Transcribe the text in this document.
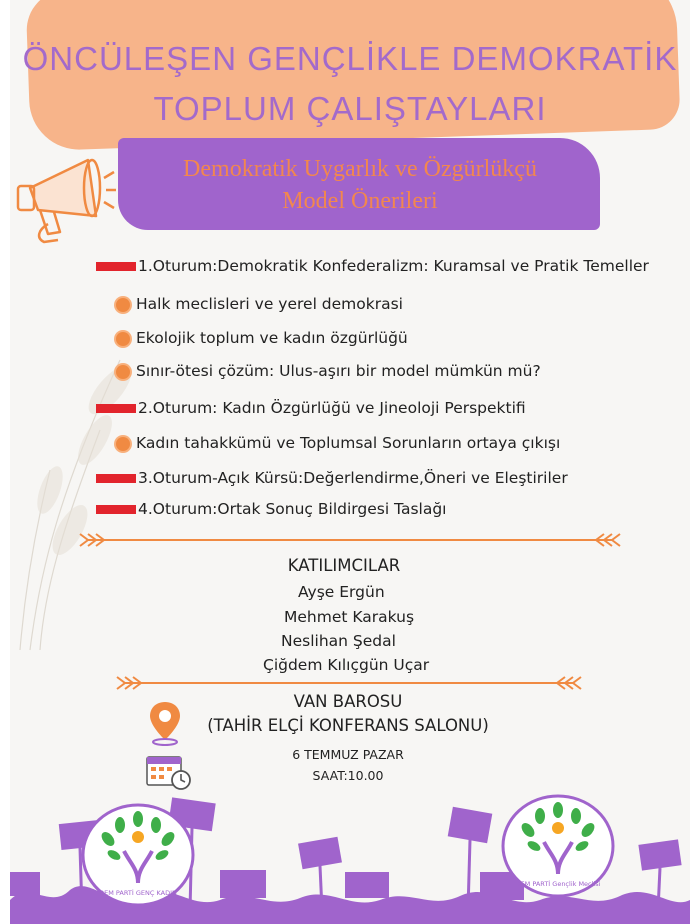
ÖNCÜLEŞEN GENÇLİKLE DEMOKRATİK
TOPLUM ÇALIŞTAYLARI
Demokratik Uygarlık ve Özgürlükçü
Model Önerileri
1.Oturum:Demokratik Konfederalizm: Kuramsal ve Pratik Temeller
Halk meclisleri ve yerel demokrasi
Ekolojik toplum ve kadın özgürlüğü
Sınır-ötesi çözüm: Ulus-aşırı bir model mümkün mü?
2.Oturum: Kadın Özgürlüğü ve Jineoloji Perspektifi
Kadın tahakkümü ve Toplumsal Sorunların ortaya çıkışı
3.Oturum-Açık Kürsü:Değerlendirme,Öneri ve Eleştiriler
4.Oturum:Ortak Sonuç Bildirgesi Taslağı
KATILIMCILAR
Ayşe Ergün
Mehmet Karakuş
Neslihan Şedal
Çiğdem Kılıçgün Uçar
VAN BAROSU
(TAHİR ELÇİ KONFERANS SALONU)
6 TEMMUZ PAZAR
SAAT:10.00
DEM PARTİ GENÇ KADIN
DEM PARTİ Gençlik Meclisi
